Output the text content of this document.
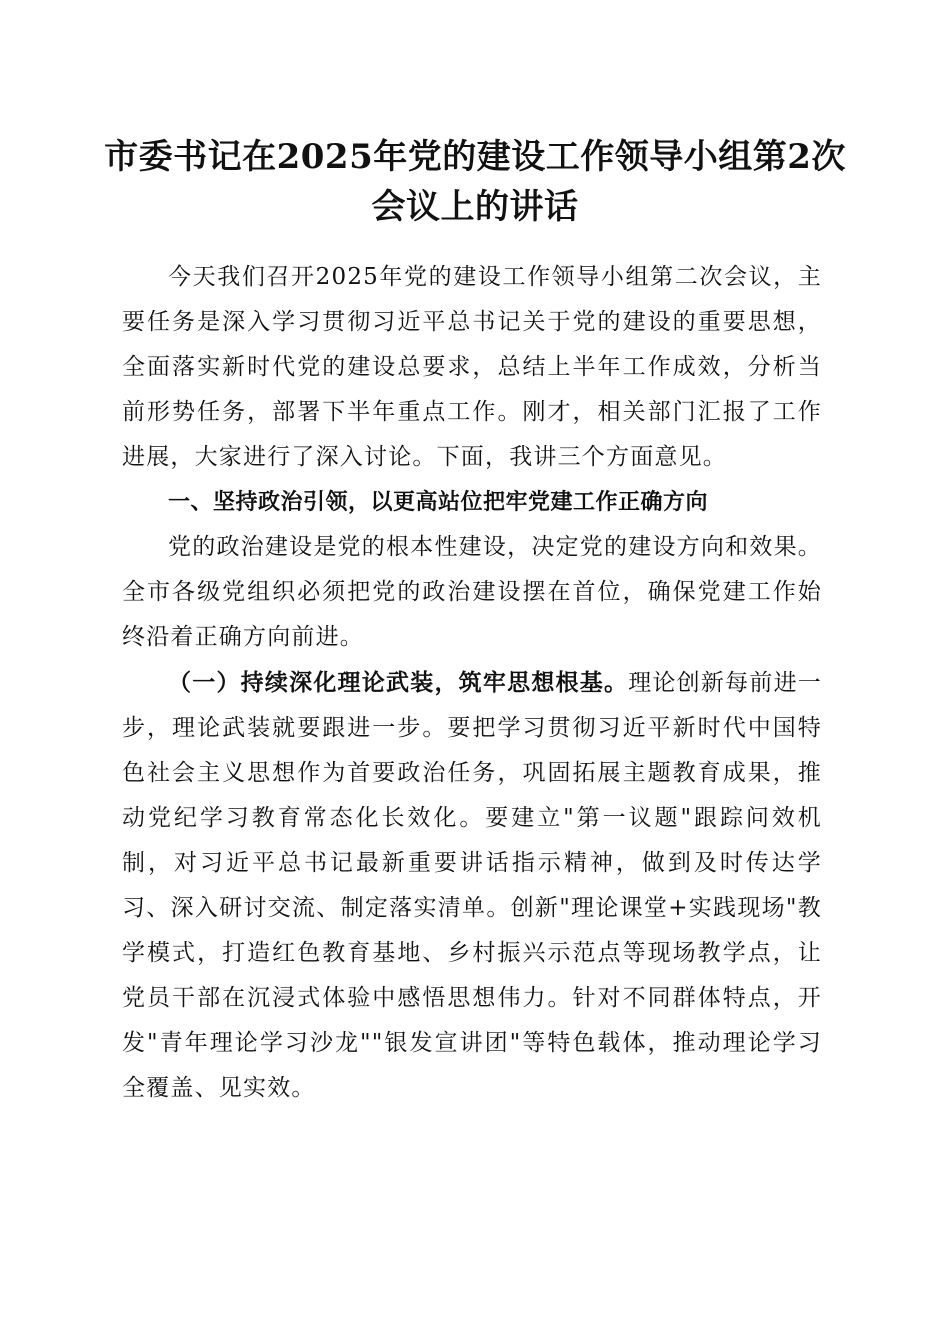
市委书记在2025年党的建设工作领导小组第2次会议上的讲话

今天我们召开2025年党的建设工作领导小组第二次会议，主要任务是深入学习贯彻习近平总书记关于党的建设的重要思想，全面落实新时代党的建设总要求，总结上半年工作成效，分析当前形势任务，部署下半年重点工作。刚才，相关部门汇报了工作进展，大家进行了深入讨论。下面，我讲三个方面意见。

一、坚持政治引领，以更高站位把牢党建工作正确方向

党的政治建设是党的根本性建设，决定党的建设方向和效果。全市各级党组织必须把党的政治建设摆在首位，确保党建工作始终沿着正确方向前进。

（一）持续深化理论武装，筑牢思想根基。理论创新每前进一步，理论武装就要跟进一步。要把学习贯彻习近平新时代中国特色社会主义思想作为首要政治任务，巩固拓展主题教育成果，推动党纪学习教育常态化长效化。要建立"第一议题"跟踪问效机制，对习近平总书记最新重要讲话指示精神，做到及时传达学习、深入研讨交流、制定落实清单。创新"理论课堂+实践现场"教学模式，打造红色教育基地、乡村振兴示范点等现场教学点，让党员干部在沉浸式体验中感悟思想伟力。针对不同群体特点，开发"青年理论学习沙龙""银发宣讲团"等特色载体，推动理论学习全覆盖、见实效。
